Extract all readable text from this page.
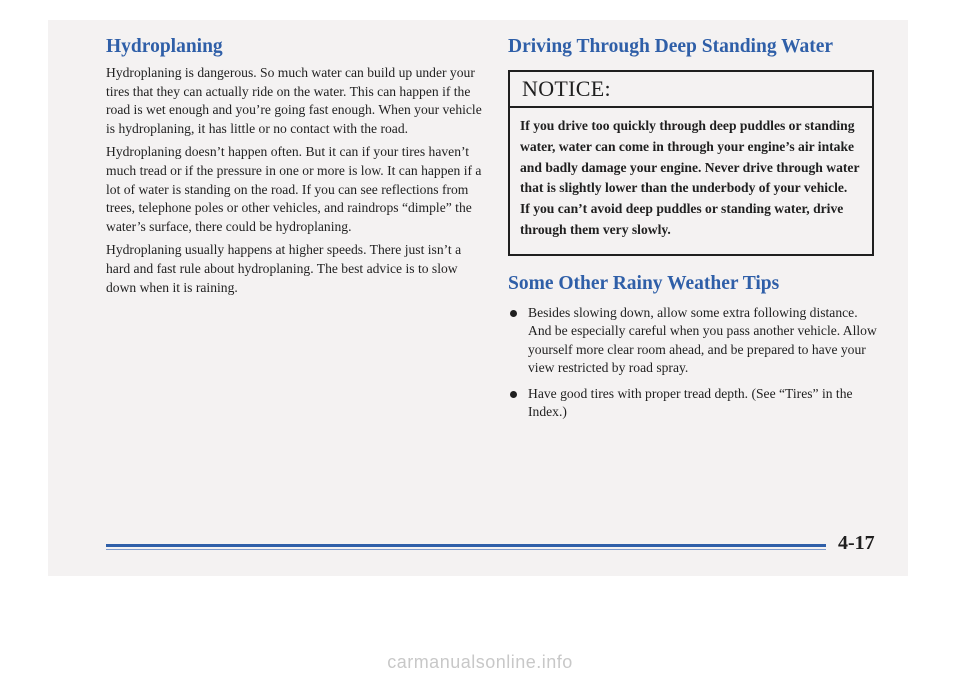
Hydroplaning

Hydroplaning is dangerous. So much water can build up under your tires that they can actually ride on the water. This can happen if the road is wet enough and you’re going fast enough. When your vehicle is hydroplaning, it has little or no contact with the road.

Hydroplaning doesn’t happen often. But it can if your tires haven’t much tread or if the pressure in one or more is low. It can happen if a lot of water is standing on the road. If you can see reflections from trees, telephone poles or other vehicles, and raindrops “dimple” the water’s surface, there could be hydroplaning.

Hydroplaning usually happens at higher speeds. There just isn’t a hard and fast rule about hydroplaning. The best advice is to slow down when it is raining.

Driving Through Deep Standing Water
NOTICE:
If you drive too quickly through deep puddles or standing water, water can come in through your engine’s air intake and badly damage your engine. Never drive through water that is slightly lower than the underbody of your vehicle. If you can’t avoid deep puddles or standing water, drive through them very slowly.
Some Other Rainy Weather Tips
Besides slowing down, allow some extra following distance. And be especially careful when you pass another vehicle. Allow yourself more clear room ahead, and be prepared to have your view restricted by road spray.
Have good tires with proper tread depth. (See “Tires” in the Index.)
4-17
carmanualsonline.info
